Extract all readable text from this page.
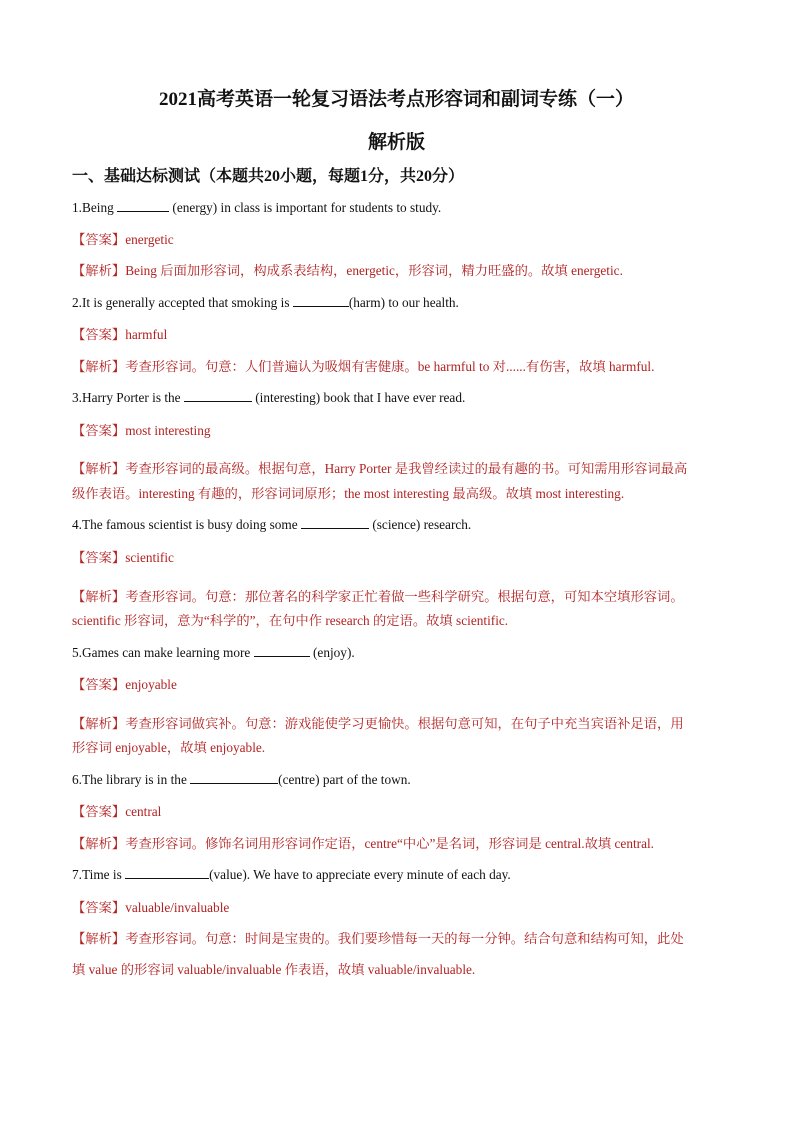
2021高考英语一轮复习语法考点形容词和副词专练（一）
解析版
一、基础达标测试（本题共20小题，每题1分，共20分）
1.Being	(energy) in class is important for students to study.
【答案】energetic
【解析】Being 后面加形容词，构成系表结构，energetic，形容词，精力旺盛的。故填 energetic.
2.It is generally accepted that smoking is	(harm) to our health.
【答案】harmful
【解析】考查形容词。句意：人们普遍认为吸烟有害健康。be harmful to 对......有伤害，故填 harmful.
3.Harry Porter is the	(interesting) book that I have ever read.
【答案】most interesting
【解析】考查形容词的最高级。根据句意，Harry Porter 是我曾经读过的最有趣的书。可知需用形容词最高
级作表语。interesting 有趣的，形容词词原形；the most interesting 最高级。故填 most interesting.
4.The famous scientist is busy doing some	(science) research.
【答案】scientific
【解析】考查形容词。句意：那位著名的科学家正忙着做一些科学研究。根据句意，可知本空填形容词。
scientific 形容词，意为“科学的”，在句中作 research 的定语。故填 scientific.
5.Games can make learning more	(enjoy).
【答案】enjoyable
【解析】考查形容词做宾补。句意：游戏能使学习更愉快。根据句意可知，在句子中充当宾语补足语，用
形容词 enjoyable，故填 enjoyable.
6.The library is in the	(centre) part of the town.
【答案】central
【解析】考查形容词。修饰名词用形容词作定语，centre“中心”是名词，形容词是 central.故填 central.
7.Time is	(value). We have to appreciate every minute of each day.
【答案】valuable/invaluable
【解析】考查形容词。句意：时间是宝贵的。我们要珍惜每一天的每一分钟。结合句意和结构可知，此处
填 value 的形容词 valuable/invaluable 作表语，故填 valuable/invaluable.
